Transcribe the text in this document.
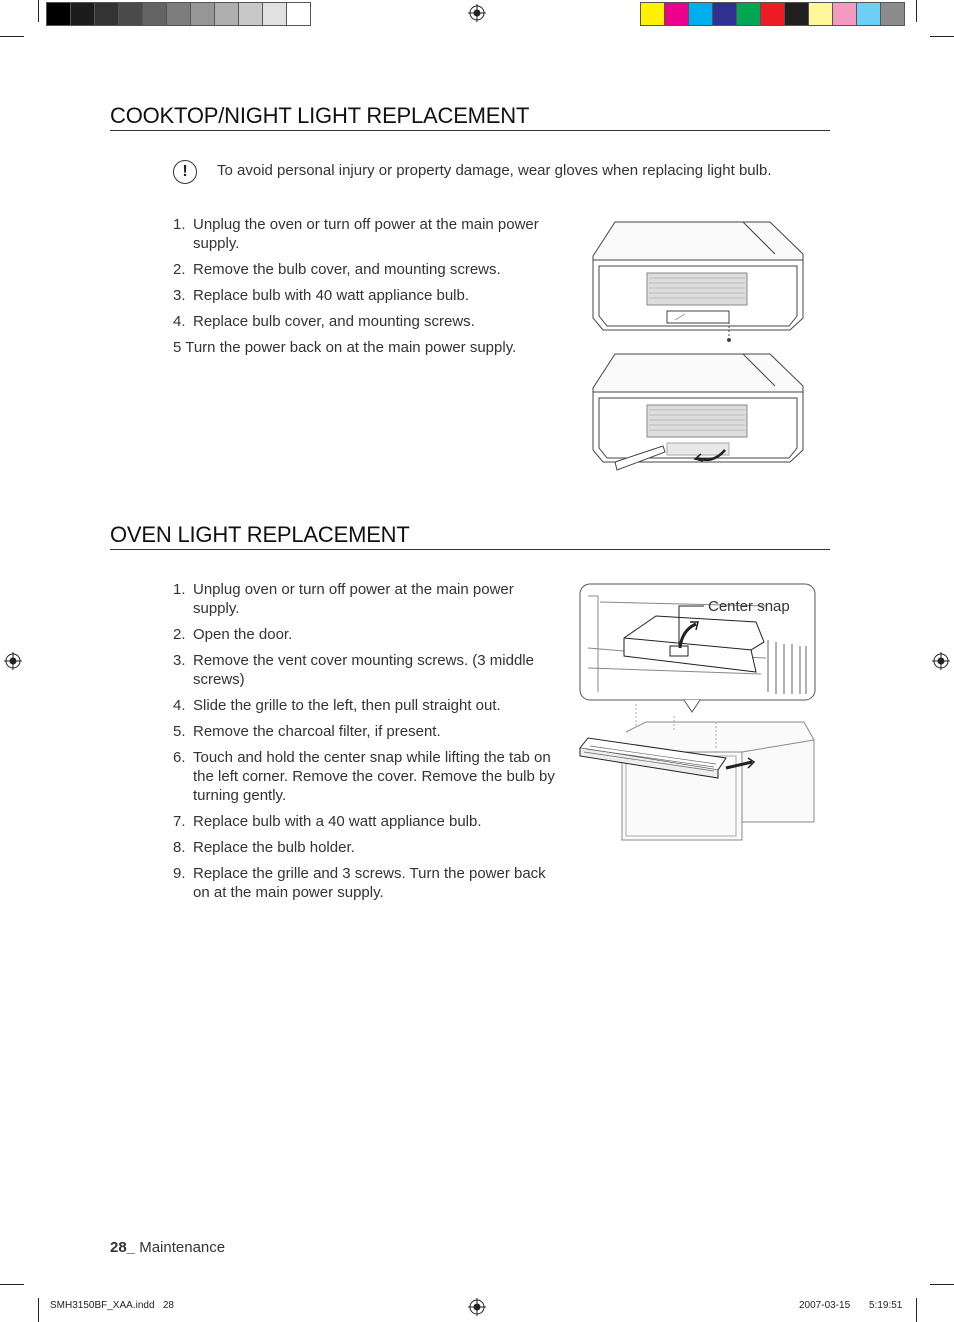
COOKTOP/NIGHT LIGHT REPLACEMENT
!	To avoid personal injury or property damage, wear gloves when replacing light bulb.
1. Unplug the oven or turn off power at the main power supply.
2. Remove the bulb cover, and mounting screws.
3. Replace bulb with 40 watt appliance bulb.
4. Replace bulb cover, and mounting screws.
5 Turn the power back on at the main power supply.
OVEN LIGHT REPLACEMENT
1. Unplug oven or turn off power at the main power supply.
2. Open the door.
3. Remove the vent cover mounting screws. (3 middle screws)
4. Slide the grille to the left, then pull straight out.
5. Remove the charcoal filter, if present.
6. Touch and hold the center snap while lifting the tab on the left corner. Remove the cover. Remove the bulb by turning gently.
7. Replace bulb with a 40 watt appliance bulb.
8. Replace the bulb holder.
9. Replace the grille and 3 screws. Turn the power back on at the main power supply.
Center snap
28_ Maintenance
SMH3150BF_XAA.indd   28	2007-03-15 5:19:51
